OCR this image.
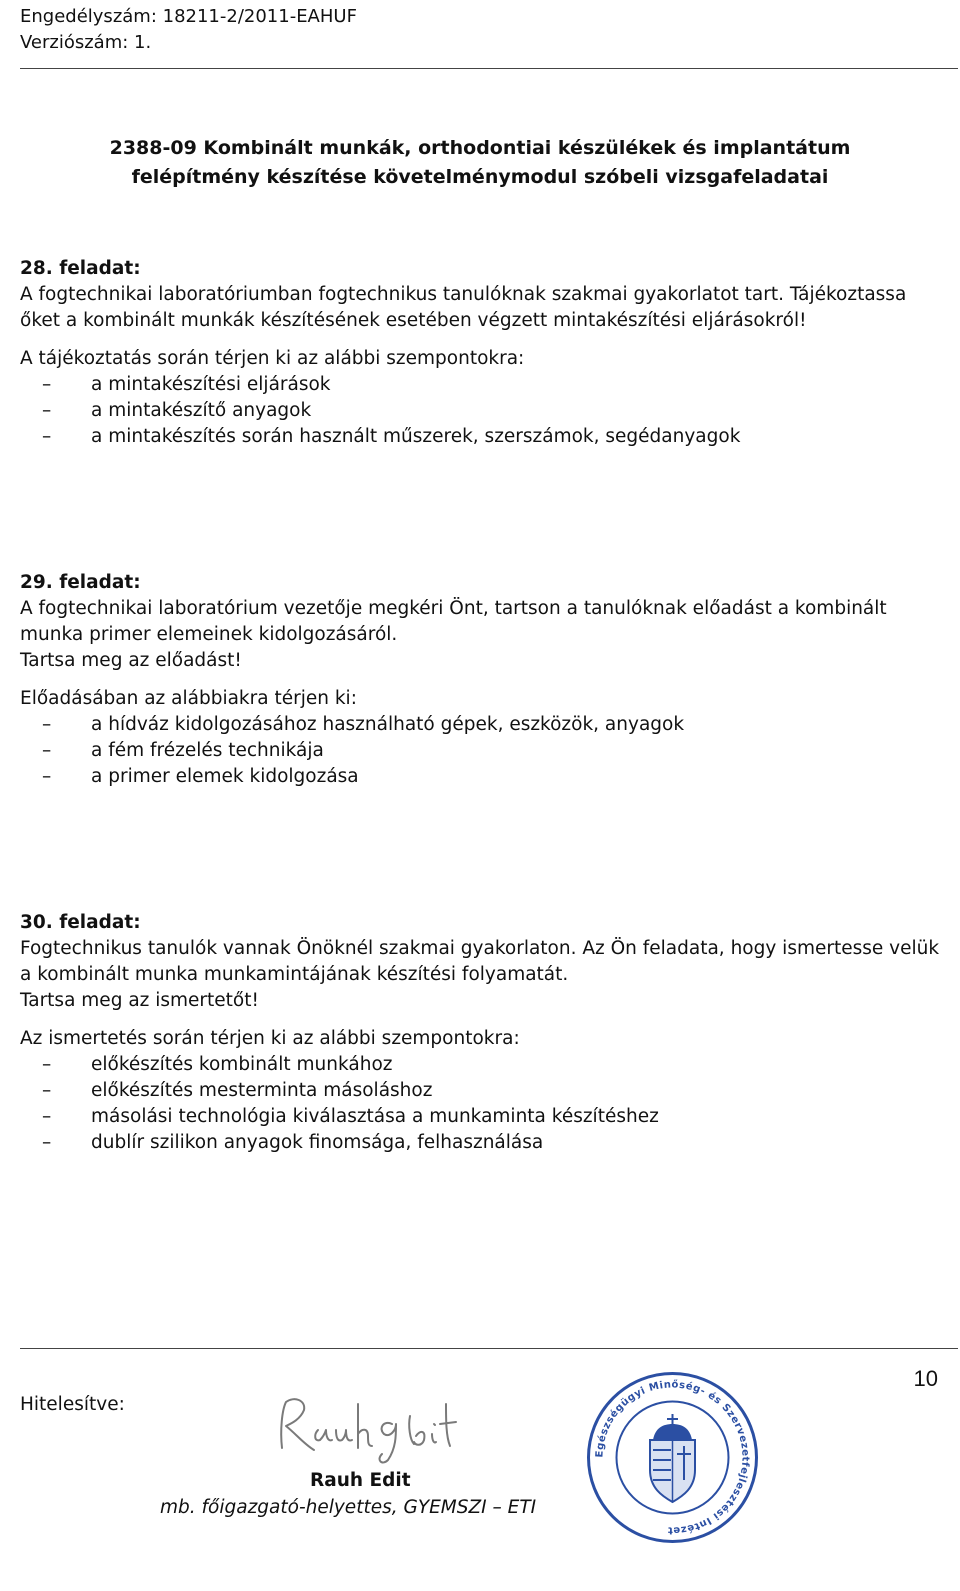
Engedélyszám: 18211-2/2011-EAHUF
Verziószám: 1.
2388-09 Kombinált munkák, orthodontiai készülékek és implantátum
felépítmény készítése követelménymodul szóbeli vizsgafeladatai
28. feladat:

A fogtechnikai laboratóriumban fogtechnikus tanulóknak szakmai gyakorlatot tart. Tájékoztassa őket a kombinált munkák készítésének esetében végzett mintakészítési eljárásokról!

A tájékoztatás során térjen ki az alábbi szempontokra:
–	a mintakészítési eljárások
–	a mintakészítő anyagok
–	a mintakészítés során használt műszerek, szerszámok, segédanyagok
29. feladat:

A fogtechnikai laboratórium vezetője megkéri Önt, tartson a tanulóknak előadást a kombinált munka primer elemeinek kidolgozásáról.

Tartsa meg az előadást!

Előadásában az alábbiakra térjen ki:
–	a hídváz kidolgozásához használható gépek, eszközök, anyagok
–	a fém frézelés technikája
–	a primer elemek kidolgozása
30. feladat:

Fogtechnikus tanulók vannak Önöknél szakmai gyakorlaton. Az Ön feladata, hogy ismertesse velük a kombinált munka munkamintájának készítési folyamatát.

Tartsa meg az ismertetőt!

Az ismertetés során térjen ki az alábbi szempontokra:
–	előkészítés kombinált munkához
–	előkészítés mesterminta másoláshoz
–	másolási technológia kiválasztása a munkaminta készítéshez
–	dublír szilikon anyagok finomsága, felhasználása
10
Hitelesítve:
Rauh Edit
mb. főigazgató-helyettes, GYEMSZI – ETI
Egészségügyi Minőség- és Szervezetfejlesztési Intézet
